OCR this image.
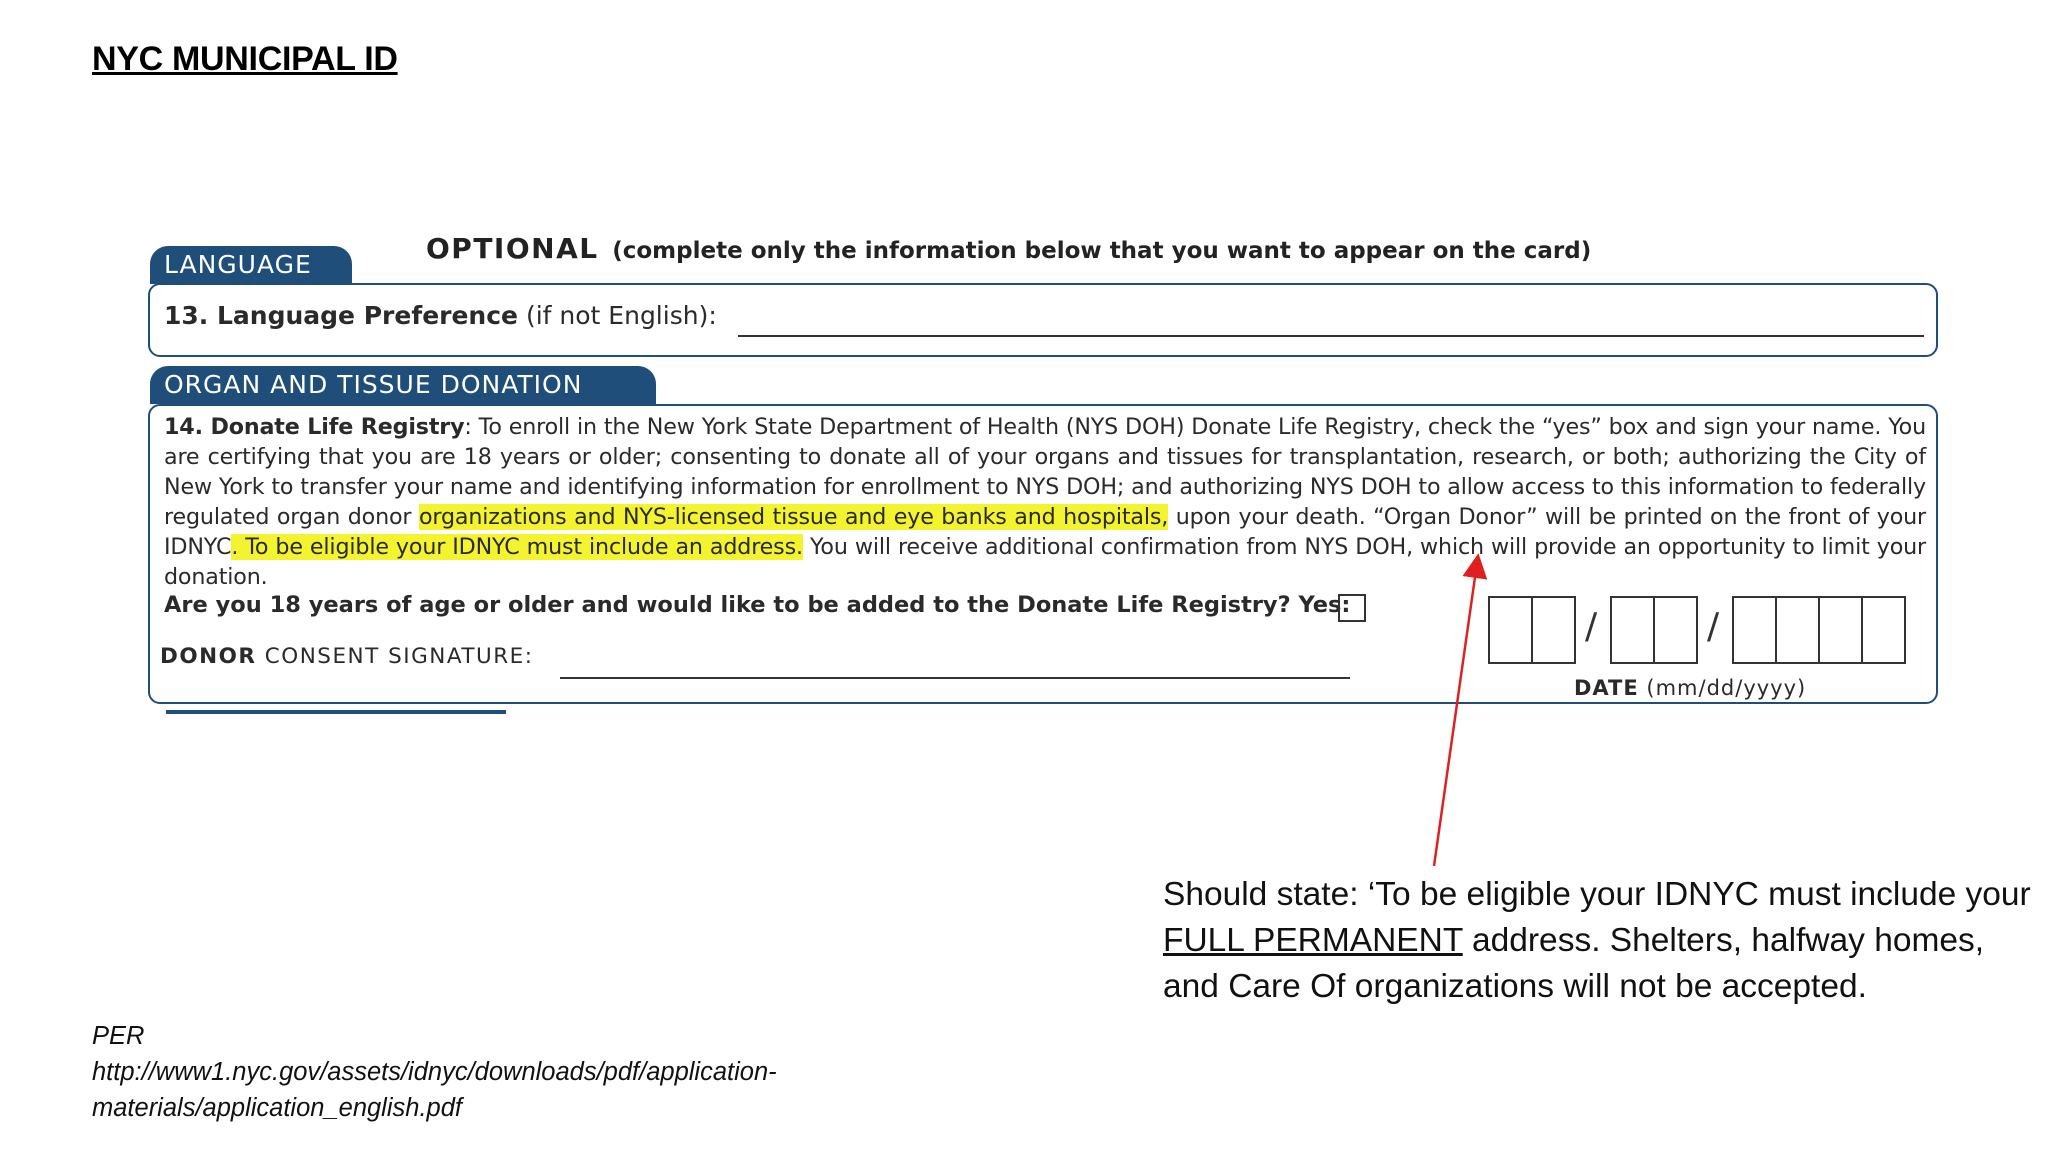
NYC MUNICIPAL ID
OPTIONAL (complete only the information below that you want to appear on the card)
LANGUAGE
13. Language Preference (if not English):
ORGAN AND TISSUE DONATION
14. Donate Life Registry: To enroll in the New York State Department of Health (NYS DOH) Donate Life Registry, check the “yes” box and sign your name. You are certifying that you are 18 years or older; consenting to donate all of your organs and tissues for transplantation, research, or both; authorizing the City of New York to transfer your name and identifying information for enrollment to NYS DOH; and authorizing NYS DOH to allow access to this information to federally regulated organ donor organizations and NYS-licensed tissue and eye banks and hospitals, upon your death. “Organ Donor” will be printed on the front of your IDNYC. To be eligible your IDNYC must include an address. You will receive additional confirmation from NYS DOH, which will provide an opportunity to limit your donation.
Are you 18 years of age or older and would like to be added to the Donate Life Registry? Yes:
DONOR CONSENT SIGNATURE:
/	/
DATE (mm/dd/yyyy)
Should state: ‘To be eligible your IDNYC must include your FULL PERMANENT address. Shelters, halfway homes, and Care Of organizations will not be accepted.
PER
http://www1.nyc.gov/assets/idnyc/downloads/pdf/application-materials/application_english.pdf
